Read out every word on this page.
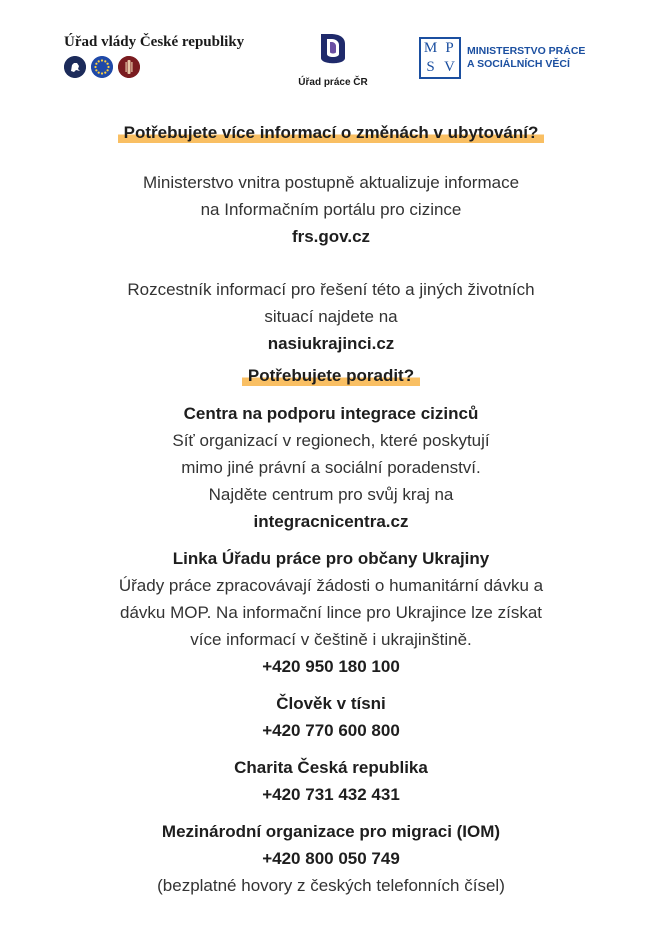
Úřad vlády České republiky
Úřad práce ČR
M P
S V
MINISTERSTVO PRÁCE
A SOCIÁLNÍCH VĚCÍ
Potřebujete více informací o změnách v ubytování?
Ministerstvo vnitra postupně aktualizuje informace
na Informačním portálu pro cizince
frs.gov.cz
Rozcestník informací pro řešení této a jiných životních
situací najdete na
nasiukrajinci.cz
Potřebujete poradit?
Centra na podporu integrace cizinců
Síť organizací v regionech, které poskytují
mimo jiné právní a sociální poradenství.
Najděte centrum pro svůj kraj na
integracnicentra.cz
Linka Úřadu práce pro občany Ukrajiny
Úřady práce zpracovávají žádosti o humanitární dávku a
dávku MOP. Na informační lince pro Ukrajince lze získat
více informací v češtině i ukrajinštině.
+420 950 180 100
Člověk v tísni
+420 770 600 800
Charita Česká republika
+420 731 432 431
Mezinárodní organizace pro migraci (IOM)
+420 800 050 749
(bezplatné hovory z českých telefonních čísel)
